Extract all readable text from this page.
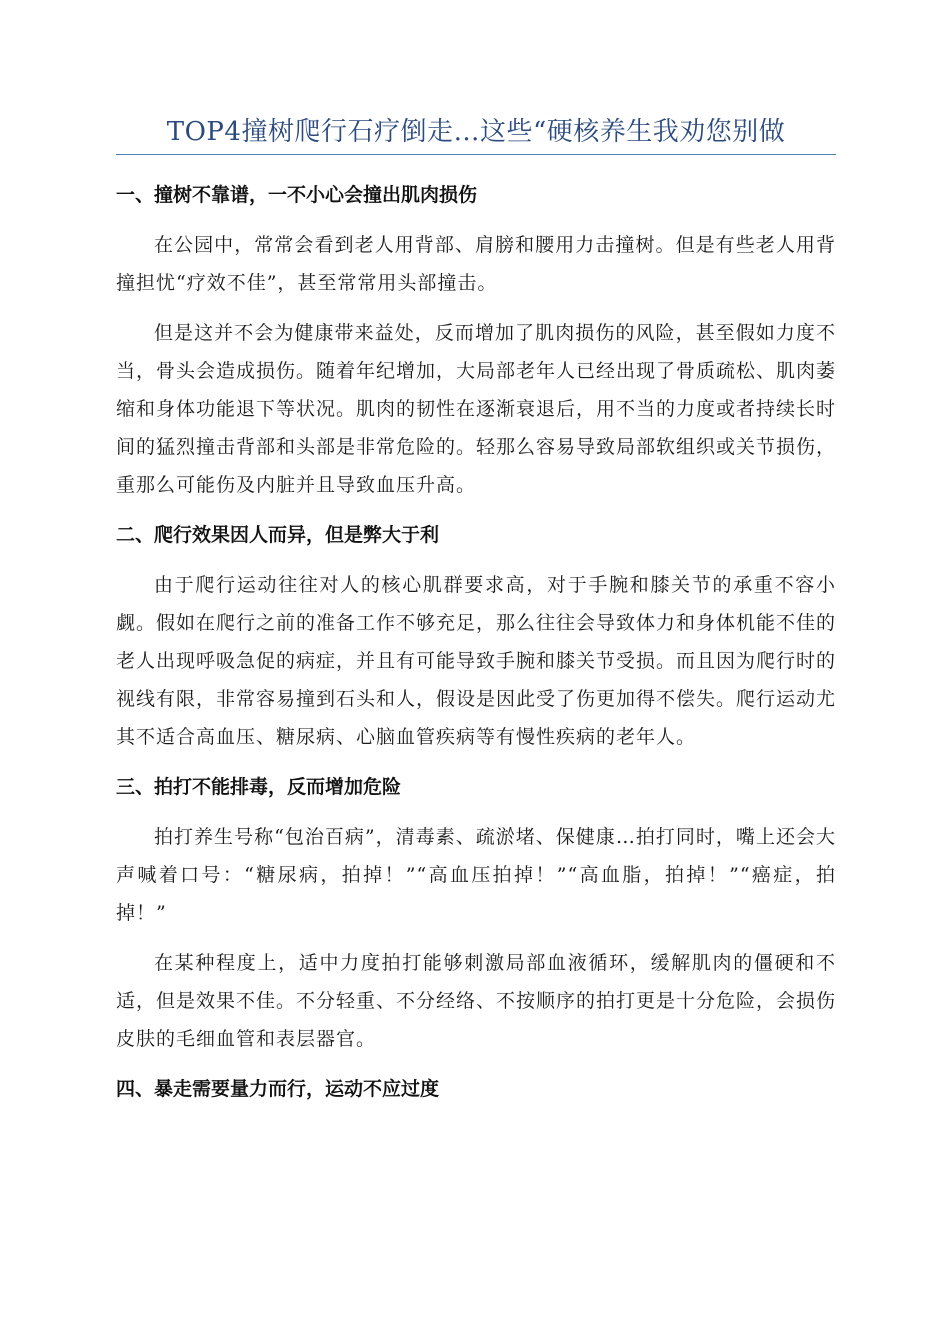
TOP4撞树爬行石疗倒走…这些“硬核养生我劝您别做
一、撞树不靠谱，一不小心会撞出肌肉损伤

在公园中，常常会看到老人用背部、肩膀和腰用力击撞树。但是有些老人用背撞担忧“疗效不佳”，甚至常常用头部撞击。

但是这并不会为健康带来益处，反而增加了肌肉损伤的风险，甚至假如力度不当，骨头会造成损伤。随着年纪增加，大局部老年人已经出现了骨质疏松、肌肉萎缩和身体功能退下等状况。肌肉的韧性在逐渐衰退后，用不当的力度或者持续长时间的猛烈撞击背部和头部是非常危险的。轻那么容易导致局部软组织或关节损伤，重那么可能伤及内脏并且导致血压升高。

二、爬行效果因人而异，但是弊大于利

由于爬行运动往往对人的核心肌群要求高，对于手腕和膝关节的承重不容小觑。假如在爬行之前的准备工作不够充足，那么往往会导致体力和身体机能不佳的老人出现呼吸急促的病症，并且有可能导致手腕和膝关节受损。而且因为爬行时的视线有限，非常容易撞到石头和人，假设是因此受了伤更加得不偿失。爬行运动尤其不适合高血压、糖尿病、心脑血管疾病等有慢性疾病的老年人。

三、拍打不能排毒，反而增加危险

拍打养生号称“包治百病”，清毒素、疏淤堵、保健康…拍打同时，嘴上还会大声喊着口号：“糖尿病，拍掉！”“高血压拍掉！”“高血脂，拍掉！”“癌症，拍掉！”

在某种程度上，适中力度拍打能够刺激局部血液循环，缓解肌肉的僵硬和不适，但是效果不佳。不分轻重、不分经络、不按顺序的拍打更是十分危险，会损伤皮肤的毛细血管和表层器官。

四、暴走需要量力而行，运动不应过度
